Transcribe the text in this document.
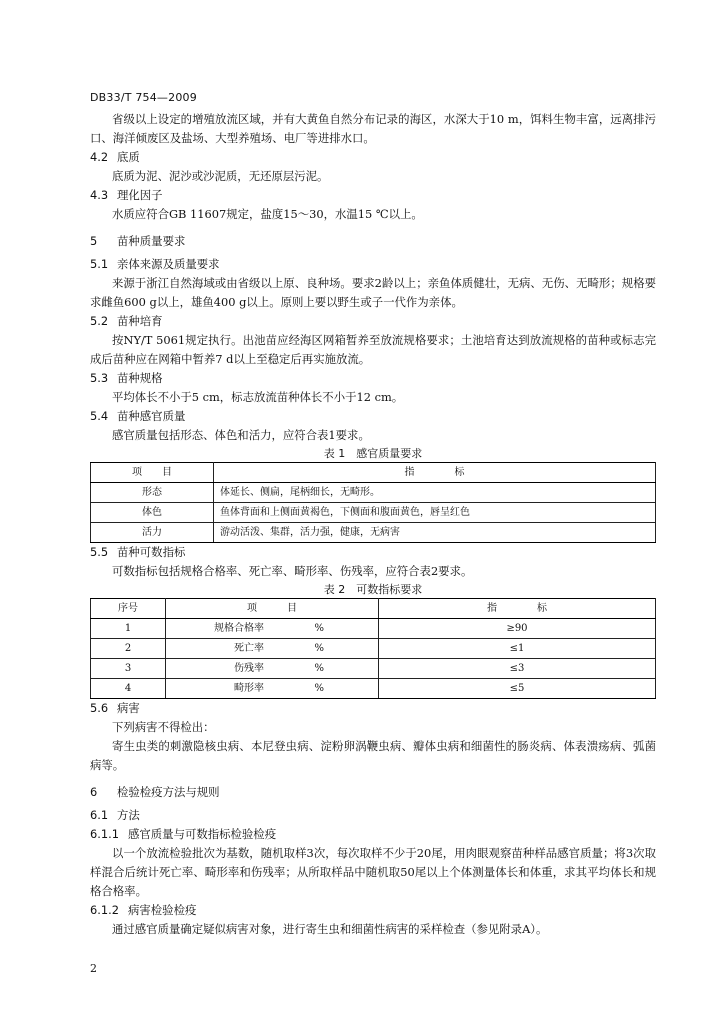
DB33/T 754—2009

省级以上设定的增殖放流区域，并有大黄鱼自然分布记录的海区，水深大于10 m，饵料生物丰富，远离排污口、海洋倾废区及盐场、大型养殖场、电厂等进排水口。

4.2 底质

底质为泥、泥沙或沙泥质，无还原层污泥。

4.3 理化因子

水质应符合GB 11607规定，盐度15～30，水温15 ℃以上。

5 苗种质量要求

5.1 亲体来源及质量要求

来源于浙江自然海域或由省级以上原、良种场。要求2龄以上；亲鱼体质健壮，无病、无伤、无畸形；规格要求雌鱼600 g以上，雄鱼400 g以上。原则上要以野生或子一代作为亲体。

5.2 苗种培育

按NY/T 5061规定执行。出池苗应经海区网箱暂养至放流规格要求；土池培育达到放流规格的苗种或标志完成后苗种应在网箱中暂养7 d以上至稳定后再实施放流。

5.3 苗种规格

平均体长不小于5 cm，标志放流苗种体长不小于12 cm。

5.4 苗种感官质量

感官质量包括形态、体色和活力，应符合表1要求。

表 1　感官质量要求

项　　目	指　　　　标
形态	体延长、侧扁，尾柄细长，无畸形。
体色	鱼体背面和上侧面黄褐色，下侧面和腹面黄色，唇呈红色
活力	游动活泼、集群，活力强，健康，无病害

5.5 苗种可数指标

可数指标包括规格合格率、死亡率、畸形率、伤残率，应符合表2要求。

表 2　可数指标要求

序号	项　　　目	指　　　　标
1	规格合格率 %	≥90
2	死亡率 %	≤1
3	伤残率 %	≤3
4	畸形率 %	≤5

5.6 病害

下列病害不得检出：

寄生虫类的刺激隐核虫病、本尼登虫病、淀粉卵涡鞭虫病、瓣体虫病和细菌性的肠炎病、体表溃疡病、弧菌病等。

6 检验检疫方法与规则

6.1 方法

6.1.1 感官质量与可数指标检验检疫

以一个放流检验批次为基数，随机取样3次，每次取样不少于20尾，用肉眼观察苗种样品感官质量；将3次取样混合后统计死亡率、畸形率和伤残率；从所取样品中随机取50尾以上个体测量体长和体重，求其平均体长和规格合格率。

6.1.2 病害检验检疫

通过感官质量确定疑似病害对象，进行寄生虫和细菌性病害的采样检查（参见附录A）。

2
